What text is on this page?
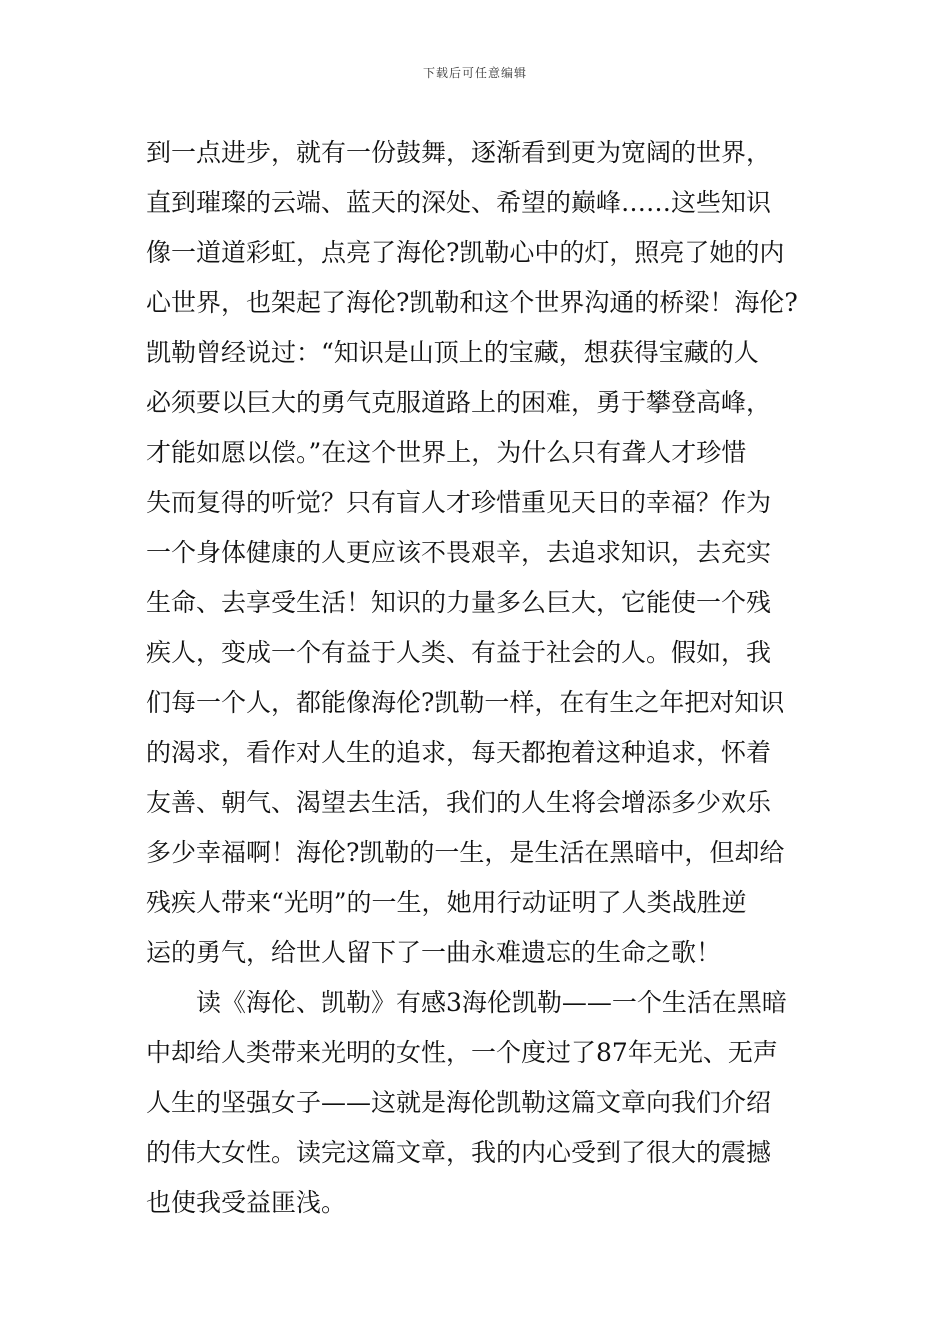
下载后可任意编辑
到一点进步，就有一份鼓舞，逐渐看到更为宽阔的世界，
直到璀璨的云端、蓝天的深处、希望的巅峰……这些知识
像一道道彩虹，点亮了海伦?凯勒心中的灯，照亮了她的内
心世界，也架起了海伦?凯勒和这个世界沟通的桥梁！海伦?
凯勒曾经说过：“知识是山顶上的宝藏，想获得宝藏的人
必须要以巨大的勇气克服道路上的困难，勇于攀登高峰，
才能如愿以偿。”在这个世界上，为什么只有聋人才珍惜
失而复得的听觉？只有盲人才珍惜重见天日的幸福？作为
一个身体健康的人更应该不畏艰辛，去追求知识，去充实
生命、去享受生活！知识的力量多么巨大，它能使一个残
疾人，变成一个有益于人类、有益于社会的人。假如，我
们每一个人，都能像海伦?凯勒一样，在有生之年把对知识
的渴求，看作对人生的追求，每天都抱着这种追求，怀着
友善、朝气、渴望去生活，我们的人生将会增添多少欢乐
多少幸福啊！海伦?凯勒的一生，是生活在黑暗中，但却给
残疾人带来“光明”的一生，她用行动证明了人类战胜逆
运的勇气，给世人留下了一曲永难遗忘的生命之歌！
　　读《海伦、凯勒》有感3海伦凯勒——一个生活在黑暗
中却给人类带来光明的女性，一个度过了87年无光、无声
人生的坚强女子——这就是海伦凯勒这篇文章向我们介绍
的伟大女性。读完这篇文章，我的内心受到了很大的震撼
也使我受益匪浅。
